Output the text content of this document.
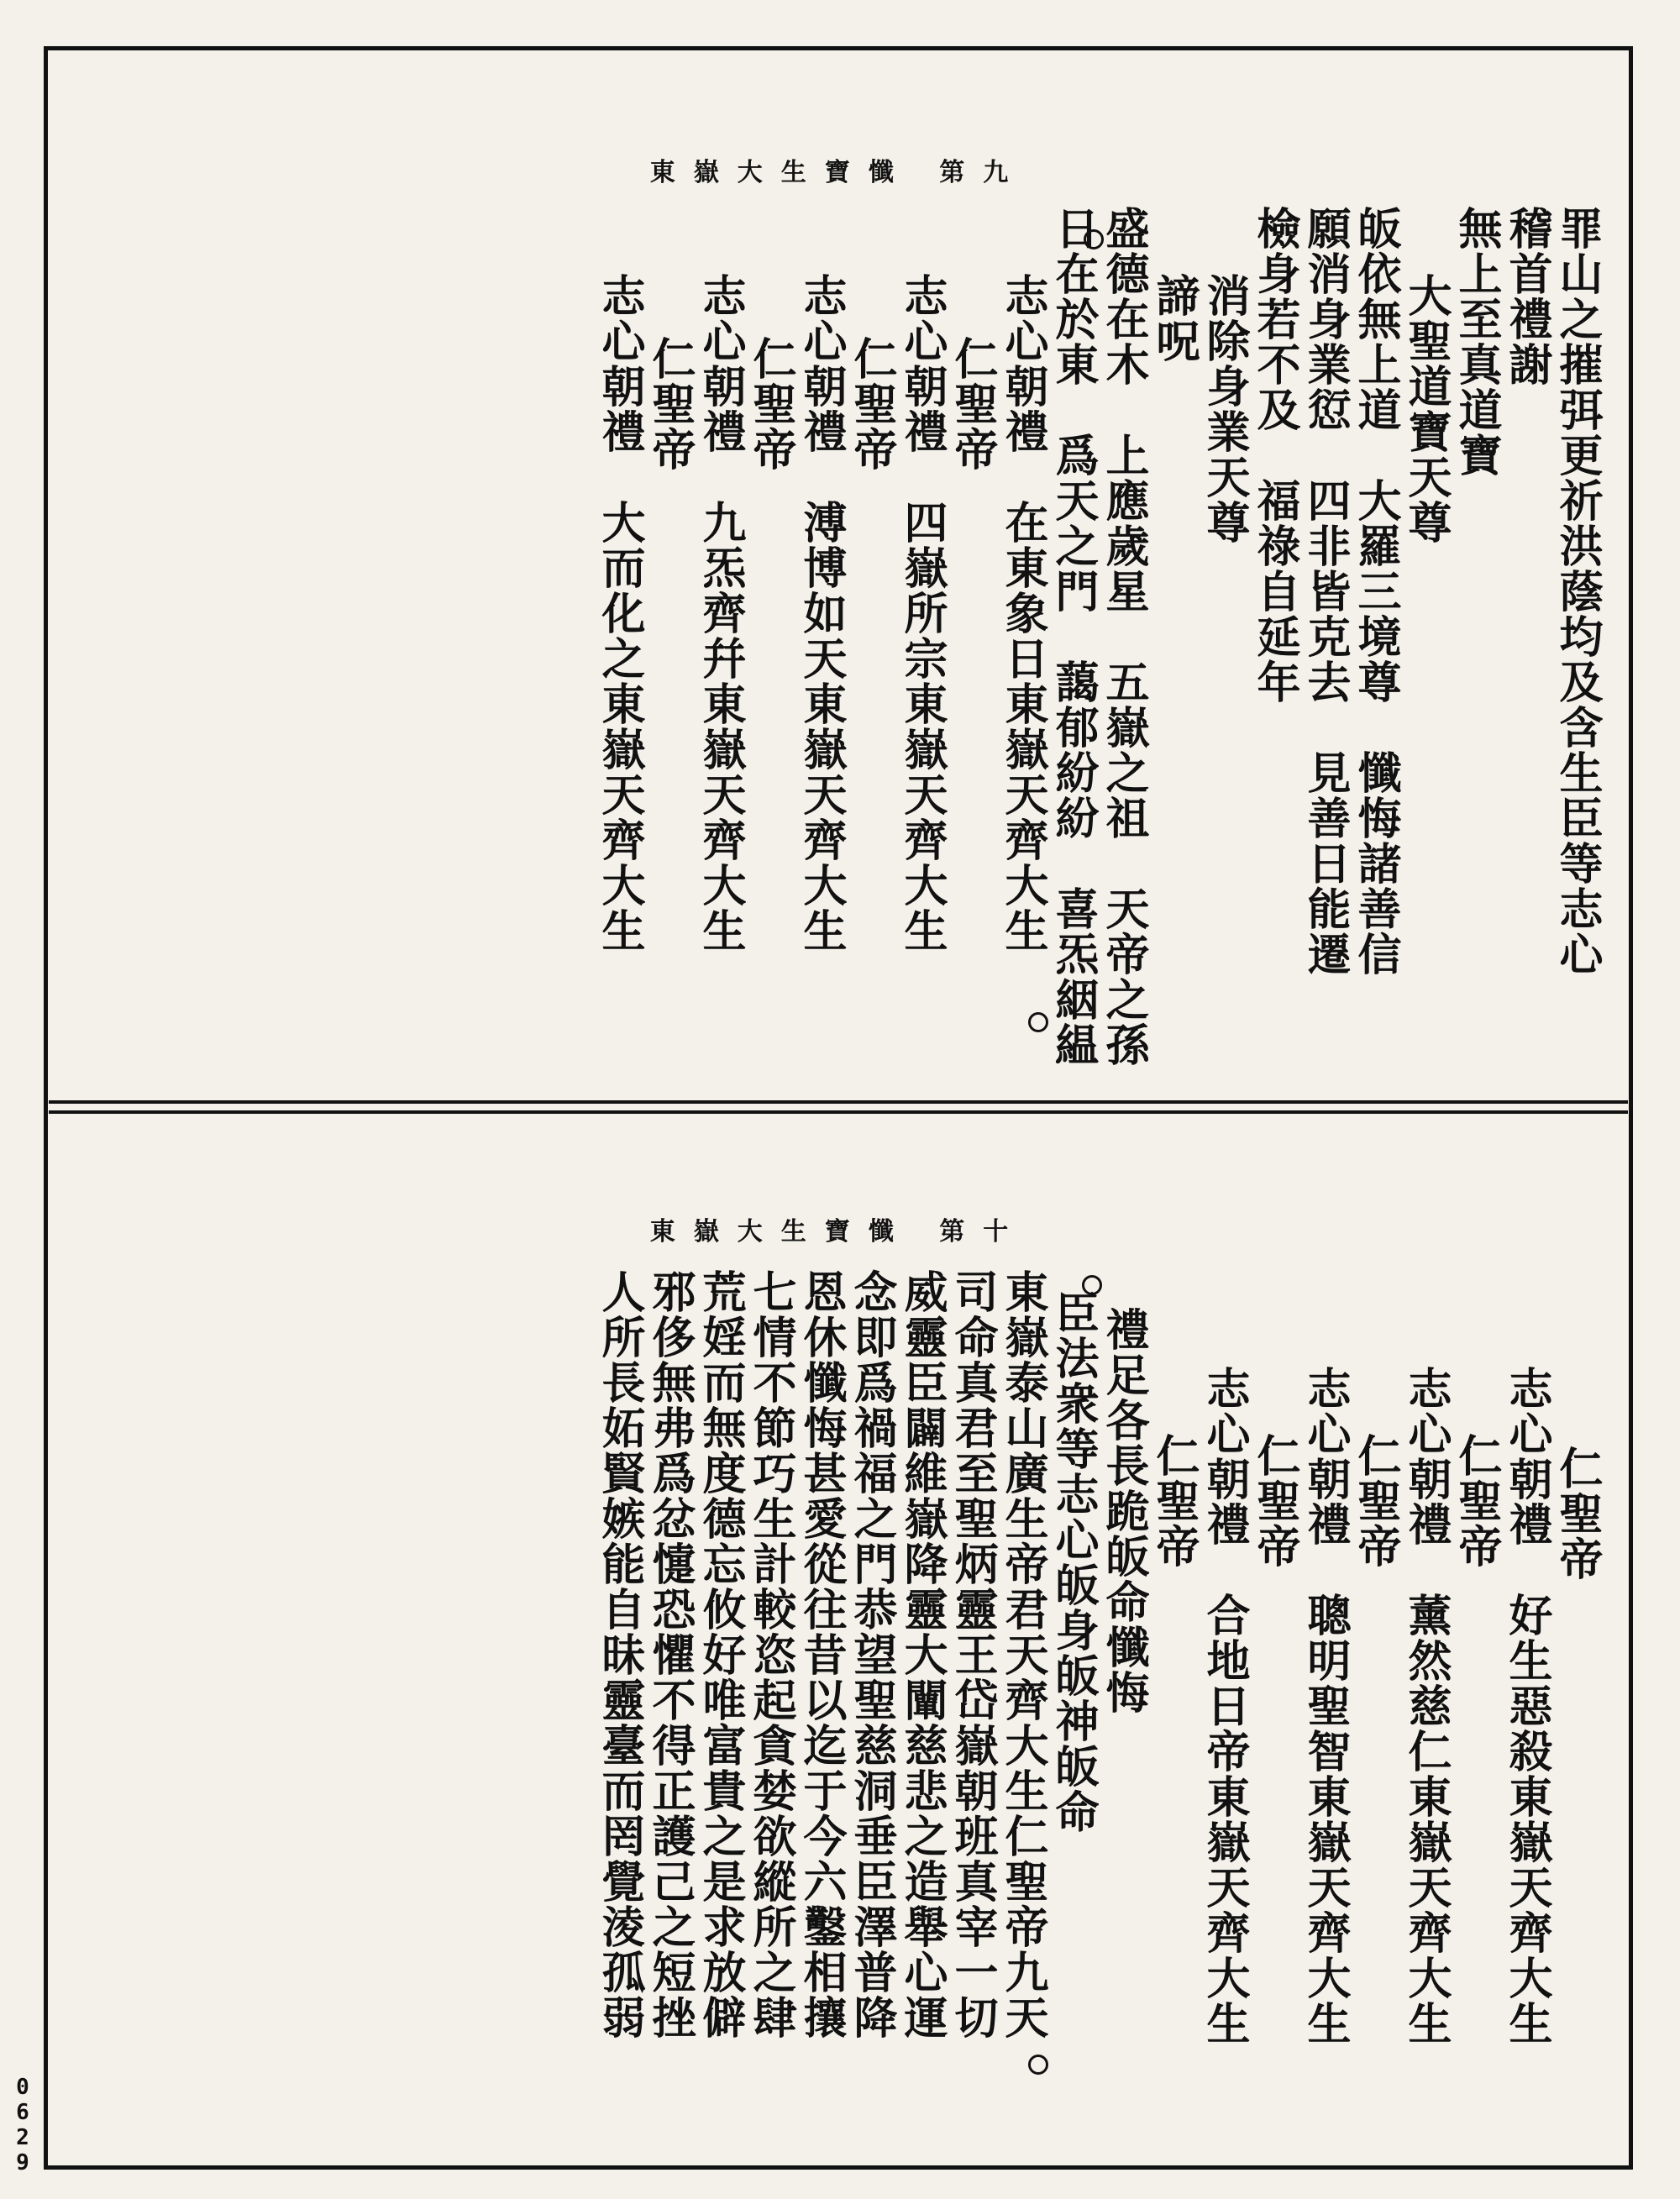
東嶽大生寶懺 第九
罪山之摧弭更祈洪蔭均及含生臣等志心
稽首禮謝
無上至真道寶
大聖道寶天尊
皈依無上道　大羅三境尊　懺悔諸善信
願消身業愆　四非皆克去　見善日能遷
檢身若不及　福祿自延年
消除身業天尊
諦呪
盛德在木　上應歲星　五嶽之祖　天帝之孫
日在於東　爲天之門　藹郁紛紛　喜炁絪緼
志心朝禮　在東象日東嶽天齊大生
仁聖帝
志心朝禮　四嶽所宗東嶽天齊大生
仁聖帝
志心朝禮　溥博如天東嶽天齊大生
仁聖帝
志心朝禮　九炁齊幷東嶽天齊大生
仁聖帝
志心朝禮　大而化之東嶽天齊大生
東嶽大生寶懺 第十
仁聖帝
志心朝禮　好生惡殺東嶽天齊大生
仁聖帝
志心朝禮　薰然慈仁東嶽天齊大生
仁聖帝
志心朝禮　聰明聖智東嶽天齊大生
仁聖帝
志心朝禮　合地日帝東嶽天齊大生
仁聖帝
禮足各長跪皈命懺悔
臣法衆等志心皈身皈神皈命
東嶽泰山廣生帝君天齊大生仁聖帝九天
司命真君至聖炳靈王岱嶽朝班真宰一切
威靈臣闢維嶽降靈大闡慈悲之造舉心運
念即爲禍福之門恭望聖慈洞垂臣澤普降
恩休懺悔甚愛從往昔以迄于今六鑿相攘
七情不節巧生計較恣起貪婪欲縱所之肆
荒婬而無度德忘攸好唯富貴之是求放僻
邪侈無弗爲忿懥恐懼不得正護己之短挫
人所長妬賢嫉能自昧靈臺而罔覺淩孤弱
0629
